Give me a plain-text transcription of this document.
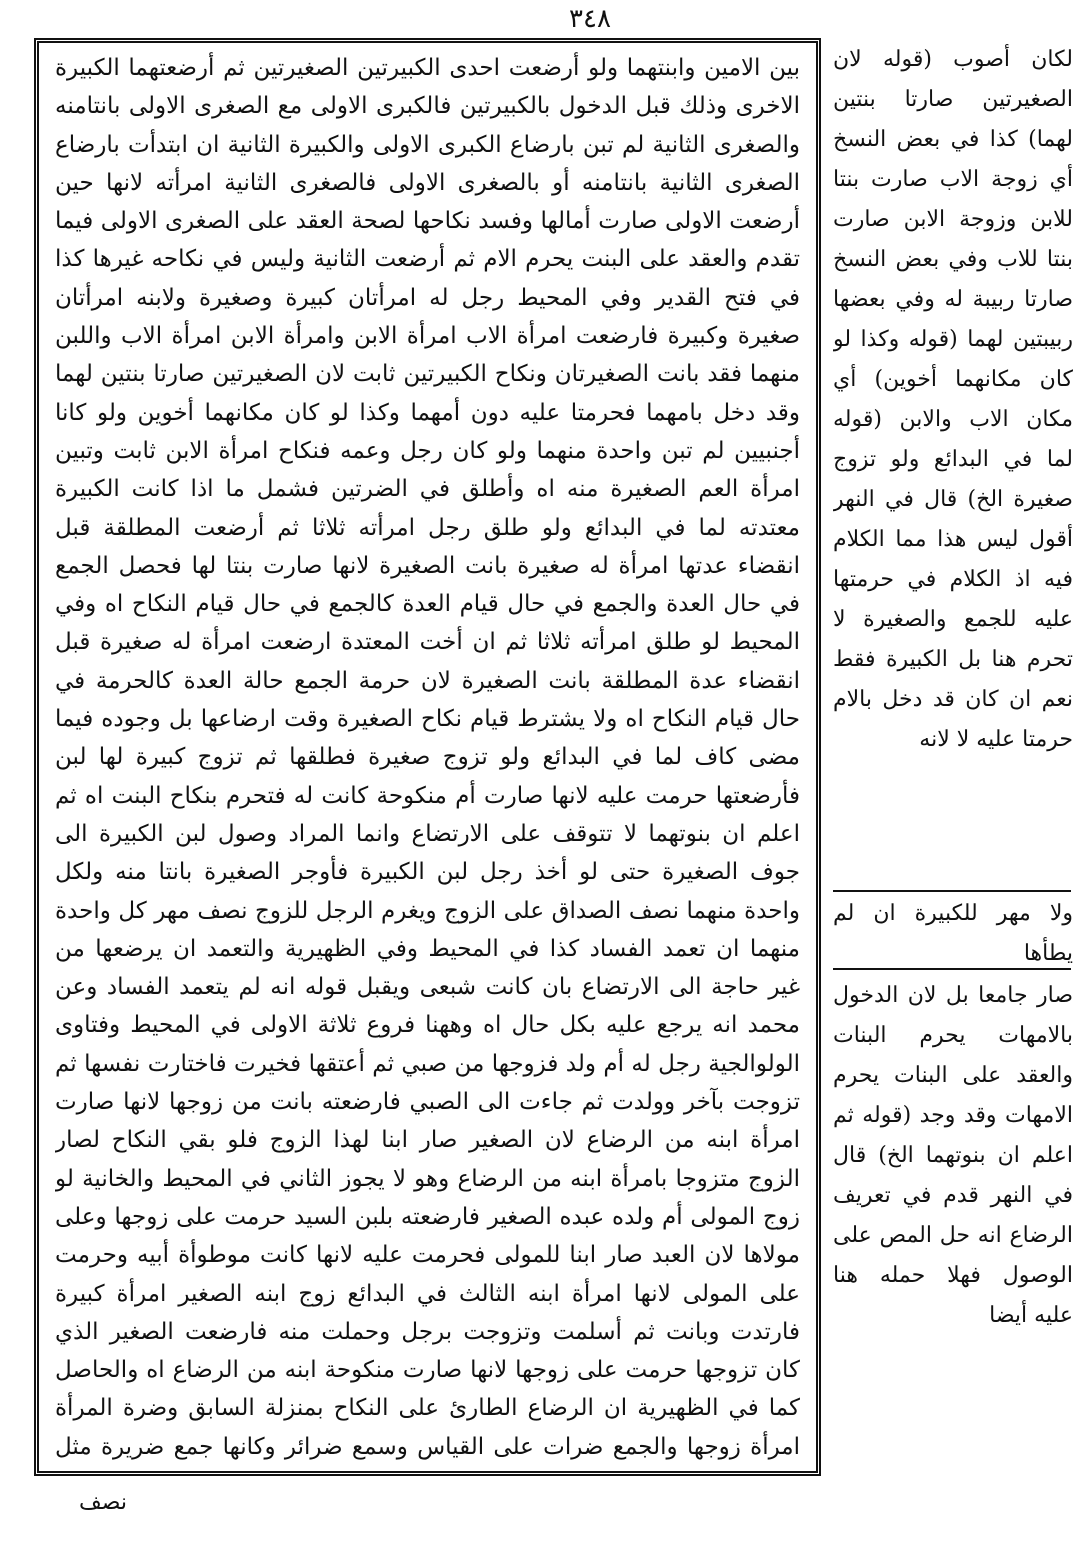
٣٤٨

بين الامين وابنتهما ولو أرضعت احدى الكبيرتين الصغيرتين ثم أرضعتهما الكبيرة الاخرى وذلك قبل الدخول بالكبيرتين فالكبرى الاولى مع الصغرى الاولى بانتامنه والصغرى الثانية لم تبن بارضاع الكبرى الاولى والكبيرة الثانية ان ابتدأت بارضاع الصغرى الثانية بانتامنه أو بالصغرى الاولى فالصغرى الثانية امرأته لانها حين أرضعت الاولى صارت أمالها وفسد نكاحها لصحة العقد على الصغرى الاولى فيما تقدم والعقد على البنت يحرم الام ثم أرضعت الثانية وليس في نكاحه غيرها كذا في فتح القدير وفي المحيط رجل له امرأتان كبيرة وصغيرة ولابنه امرأتان صغيرة وكبيرة فارضعت امرأة الاب امرأة الابن وامرأة الابن امرأة الاب واللبن منهما فقد بانت الصغيرتان ونكاح الكبيرتين ثابت لان الصغيرتين صارتا بنتين لهما وقد دخل بامهما فحرمتا عليه دون أمهما وكذا لو كان مكانهما أخوين ولو كانا أجنبيين لم تبن واحدة منهما ولو كان رجل وعمه فنكاح امرأة الابن ثابت وتبين امرأة العم الصغيرة منه اه وأطلق في الضرتين فشمل ما اذا كانت الكبيرة معتدته لما في البدائع ولو طلق رجل امرأته ثلاثا ثم أرضعت المطلقة قبل انقضاء عدتها امرأة له صغيرة بانت الصغيرة لانها صارت بنتا لها فحصل الجمع في حال العدة والجمع في حال قيام العدة كالجمع في حال قيام النكاح اه وفي المحيط لو طلق امرأته ثلاثا ثم ان أخت المعتدة ارضعت امرأة له صغيرة قبل انقضاء عدة المطلقة بانت الصغيرة لان حرمة الجمع حالة العدة كالحرمة في حال قيام النكاح اه ولا يشترط قيام نكاح الصغيرة وقت ارضاعها بل وجوده فيما مضى كاف لما في البدائع ولو تزوج صغيرة فطلقها ثم تزوج كبيرة لها لبن فأرضعتها حرمت عليه لانها صارت أم منكوحة كانت له فتحرم بنكاح البنت اه ثم اعلم ان بنوتهما لا تتوقف على الارتضاع وانما المراد وصول لبن الكبيرة الى جوف الصغيرة حتى لو أخذ رجل لبن الكبيرة فأوجر الصغيرة بانتا منه ولكل واحدة منهما نصف الصداق على الزوج ويغرم الرجل للزوج نصف مهر كل واحدة منهما ان تعمد الفساد كذا في المحيط وفي الظهيرية والتعمد ان يرضعها من غير حاجة الى الارتضاع بان كانت شبعى ويقبل قوله انه لم يتعمد الفساد وعن محمد انه يرجع عليه بكل حال اه وههنا فروع ثلاثة الاولى في المحيط وفتاوى الولوالجية رجل له أم ولد فزوجها من صبي ثم أعتقها فخيرت فاختارت نفسها ثم تزوجت بآخر وولدت ثم جاءت الى الصبي فارضعته بانت من زوجها لانها صارت امرأة ابنه من الرضاع لان الصغير صار ابنا لهذا الزوج فلو بقي النكاح لصار الزوج متزوجا بامرأة ابنه من الرضاع وهو لا يجوز الثاني في المحيط والخانية لو زوج المولى أم ولده عبده الصغير فارضعته بلبن السيد حرمت على زوجها وعلى مولاها لان العبد صار ابنا للمولى فحرمت عليه لانها كانت موطوأة أبيه وحرمت على المولى لانها امرأة ابنه الثالث في البدائع زوج ابنه الصغير امرأة كبيرة فارتدت وبانت ثم أسلمت وتزوجت برجل وحملت منه فارضعت الصغير الذي كان تزوجها حرمت على زوجها لانها صارت منكوحة ابنه من الرضاع اه والحاصل كما في الظهيرية ان الرضاع الطارئ على النكاح بمنزلة السابق وضرة المرأة امرأة زوجها والجمع ضرات على القياس وسمع ضرائر وكانها جمع ضريرة مثل

لكان أصوب (قوله لان الصغيرتين صارتا بنتين لهما) كذا في بعض النسخ أي زوجة الاب صارت بنتا للابن وزوجة الابن صارت بنتا للاب وفي بعض النسخ صارتا ربيبة له وفي بعضها ربيبتين لهما (قوله وكذا لو كان مكانهما أخوين) أي مكان الاب والابن (قوله لما في البدائع ولو تزوج صغيرة الخ) قال في النهر أقول ليس هذا مما الكلام فيه اذ الكلام في حرمتها عليه للجمع والصغيرة لا تحرم هنا بل الكبيرة فقط نعم ان كان قد دخل بالام حرمتا عليه لا لانه
ولا مهر للكبيرة ان لم يطأها
صار جامعا بل لان الدخول بالامهات يحرم البنات والعقد على البنات يحرم الامهات وقد وجد (قوله ثم اعلم ان بنوتهما الخ) قال في النهر قدم في تعريف الرضاع انه حل المص على الوصول فهلا حمله هنا عليه أيضا
نصف
